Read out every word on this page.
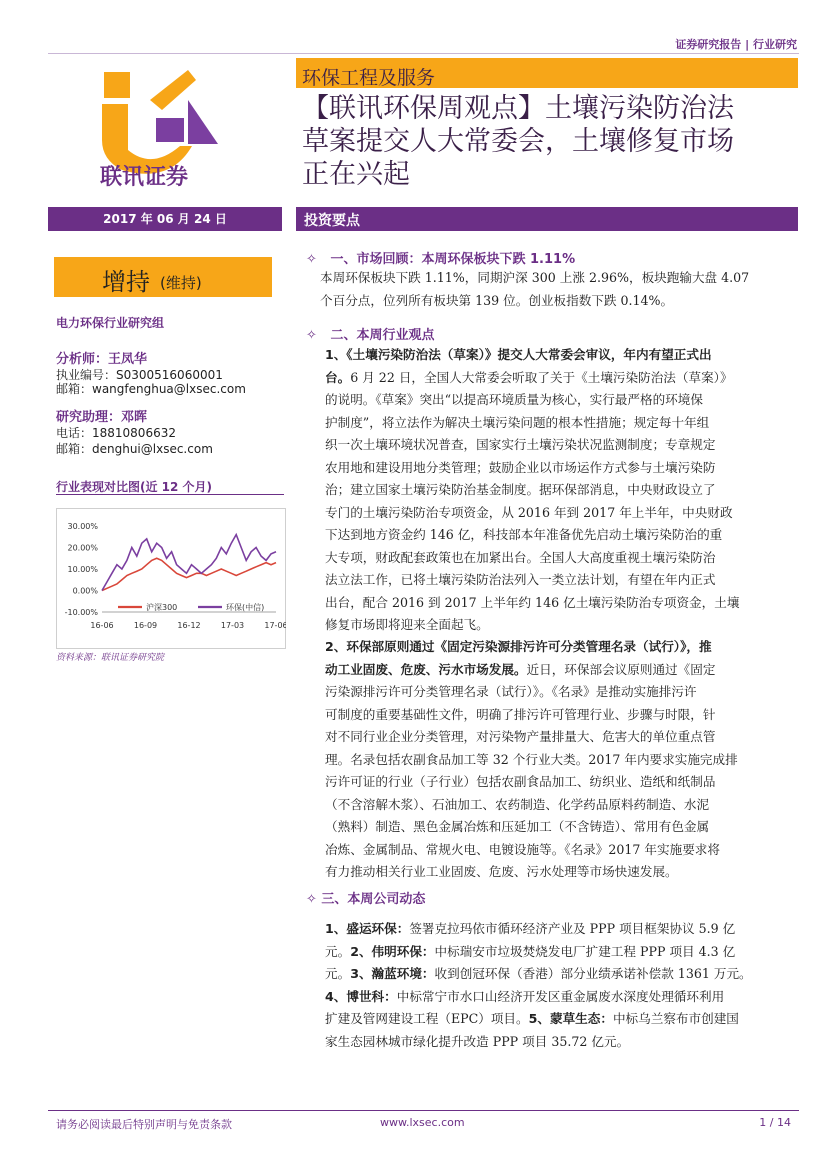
证券研究报告 | 行业研究
联讯证券
环保工程及服务
【联讯环保周观点】土壤污染防治法
草案提交人大常委会，土壤修复市场
正在兴起
2017 年 06 月 24 日	投资要点
增持 (维持)
电力环保行业研究组
分析师：王凤华
执业编号：S0300516060001
邮箱：wangfenghua@lxsec.com
研究助理：邓晖
电话：18810806632
邮箱：denghui@lxsec.com
行业表现对比图(近 12 个月)
30.00%
20.00%
10.00%
0.00%
-10.00%
16-06	16-09	16-12	17-03	17-06
沪深300	环保(中信)
资料来源：联讯证券研究院
✧   一、市场回顾：本周环保板块下跌 1.11%
本周环保板块下跌 1.11%，同期沪深 300 上涨 2.96%，板块跑输大盘 4.07
个百分点，位列所有板块第 139 位。创业板指数下跌 0.14%。
✧   二、本周行业观点
1、《土壤污染防治法（草案）》提交人大常委会审议，年内有望正式出
台。6 月 22 日，全国人大常委会听取了关于《土壤污染防治法（草案）》
的说明。《草案》突出“以提高环境质量为核心，实行最严格的环境保
护制度”，将立法作为解决土壤污染问题的根本性措施；规定每十年组
织一次土壤环境状况普查，国家实行土壤污染状况监测制度；专章规定
农用地和建设用地分类管理；鼓励企业以市场运作方式参与土壤污染防
治；建立国家土壤污染防治基金制度。据环保部消息，中央财政设立了
专门的土壤污染防治专项资金，从 2016 年到 2017 年上半年，中央财政
下达到地方资金约 146 亿，科技部本年准备优先启动土壤污染防治的重
大专项，财政配套政策也在加紧出台。全国人大高度重视土壤污染防治
法立法工作，已将土壤污染防治法列入一类立法计划，有望在年内正式
出台，配合 2016 到 2017 上半年约 146 亿土壤污染防治专项资金，土壤
修复市场即将迎来全面起飞。
2、环保部原则通过《固定污染源排污许可分类管理名录（试行）》，推
动工业固废、危废、污水市场发展。近日，环保部会议原则通过《固定
污染源排污许可分类管理名录（试行）》。《名录》是推动实施排污许
可制度的重要基础性文件，明确了排污许可管理行业、步骤与时限，针
对不同行业企业分类管理，对污染物产量排量大、危害大的单位重点管
理。名录包括农副食品加工等 32 个行业大类。2017 年内要求实施完成排
污许可证的行业（子行业）包括农副食品加工、纺织业、造纸和纸制品
（不含溶解木浆）、石油加工、农药制造、化学药品原料药制造、水泥
（熟料）制造、黑色金属冶炼和压延加工（不含铸造）、常用有色金属
冶炼、金属制品、常规火电、电镀设施等。《名录》2017 年实施要求将
有力推动相关行业工业固废、危废、污水处理等市场快速发展。
✧ 三、本周公司动态
1、盛运环保：签署克拉玛依市循环经济产业及 PPP 项目框架协议 5.9 亿
元。2、伟明环保：中标瑞安市垃圾焚烧发电厂扩建工程 PPP 项目 4.3 亿
元。3、瀚蓝环境：收到创冠环保（香港）部分业绩承诺补偿款 1361 万元。
4、博世科：中标常宁市水口山经济开发区重金属废水深度处理循环利用
扩建及管网建设工程（EPC）项目。5、蒙草生态：中标乌兰察布市创建国
家生态园林城市绿化提升改造 PPP 项目 35.72 亿元。
请务必阅读最后特别声明与免责条款	www.lxsec.com	1 / 14
